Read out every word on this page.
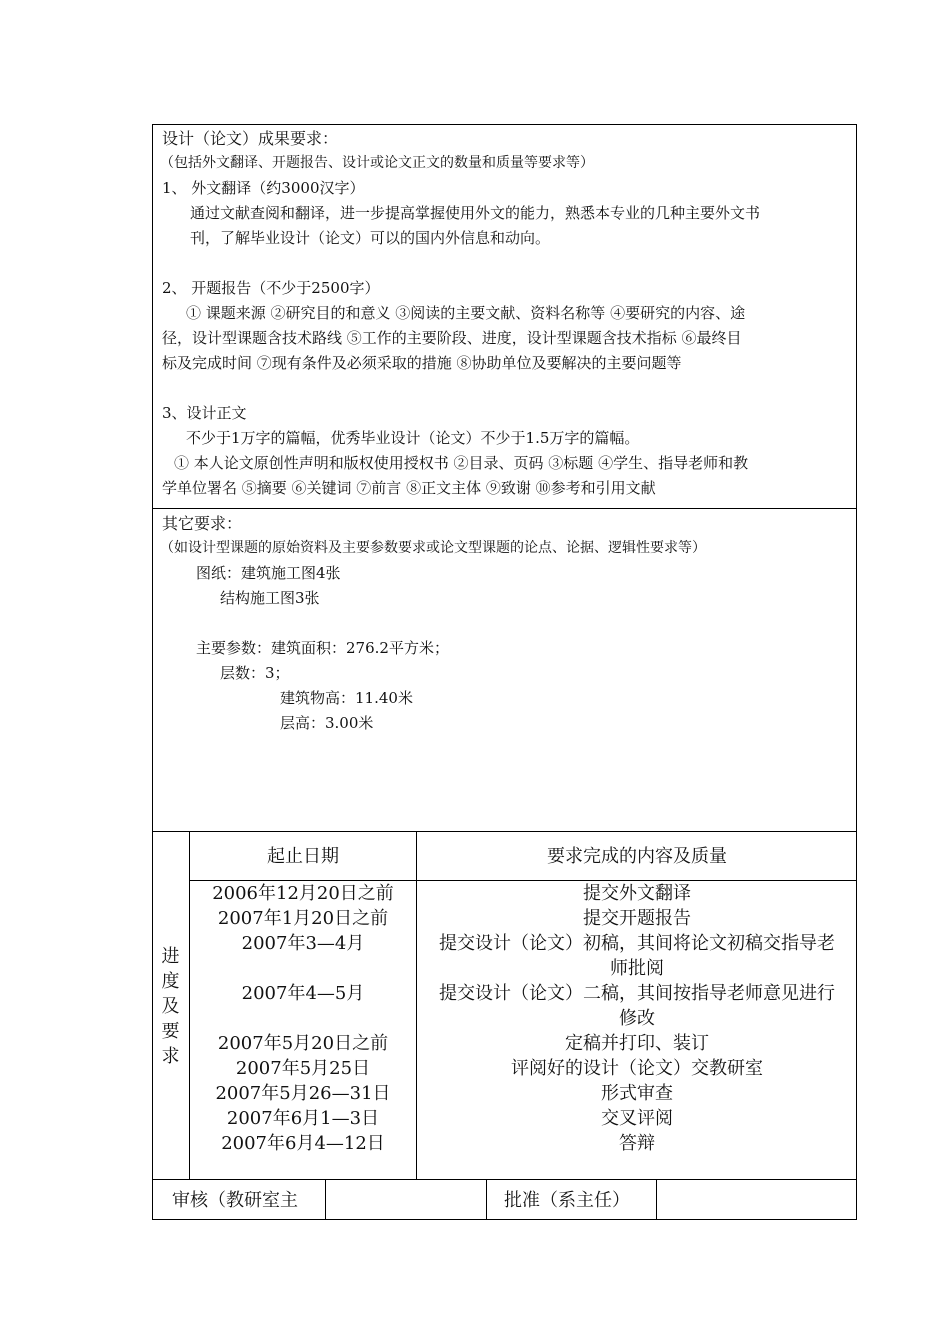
设计（论文）成果要求：
（包括外文翻译、开题报告、设计或论文正文的数量和质量等要求等）
1、 外文翻译（约3000汉字）
通过文献查阅和翻译，进一步提高掌握使用外文的能力，熟悉本专业的几种主要外文书
刊，了解毕业设计（论文）可以的国内外信息和动向。
2、 开题报告（不少于2500字）
① 课题来源 ②研究目的和意义 ③阅读的主要文献、资料名称等 ④要研究的内容、途
径，设计型课题含技术路线 ⑤工作的主要阶段、进度，设计型课题含技术指标 ⑥最终目
标及完成时间 ⑦现有条件及必须采取的措施 ⑧协助单位及要解决的主要问题等
3、设计正文
不少于1万字的篇幅，优秀毕业设计（论文）不少于1.5万字的篇幅。
① 本人论文原创性声明和版权使用授权书 ②目录、页码 ③标题 ④学生、指导老师和教
学单位署名 ⑤摘要 ⑥关键词 ⑦前言 ⑧正文主体 ⑨致谢 ⑩参考和引用文献
其它要求：
（如设计型课题的原始资料及主要参数要求或论文型课题的论点、论据、逻辑性要求等）
图纸：建筑施工图4张
结构施工图3张
主要参数：建筑面积：276.2平方米；
层数：3；
建筑物高：11.40米
层高：3.00米
进
度
及
要
求
起止日期	要求完成的内容及质量
2006年12月20日之前
2007年1月20日之前
2007年3—4月
2007年4—5月
2007年5月20日之前
2007年5月25日
2007年5月26—31日
2007年6月1—3日
2007年6月4—12日
提交外文翻译
提交开题报告
提交设计（论文）初稿，其间将论文初稿交指导老
师批阅
提交设计（论文）二稿，其间按指导老师意见进行
修改
定稿并打印、装订
评阅好的设计（论文）交教研室
形式审查
交叉评阅
答辩
审核（教研室主	批准（系主任）
